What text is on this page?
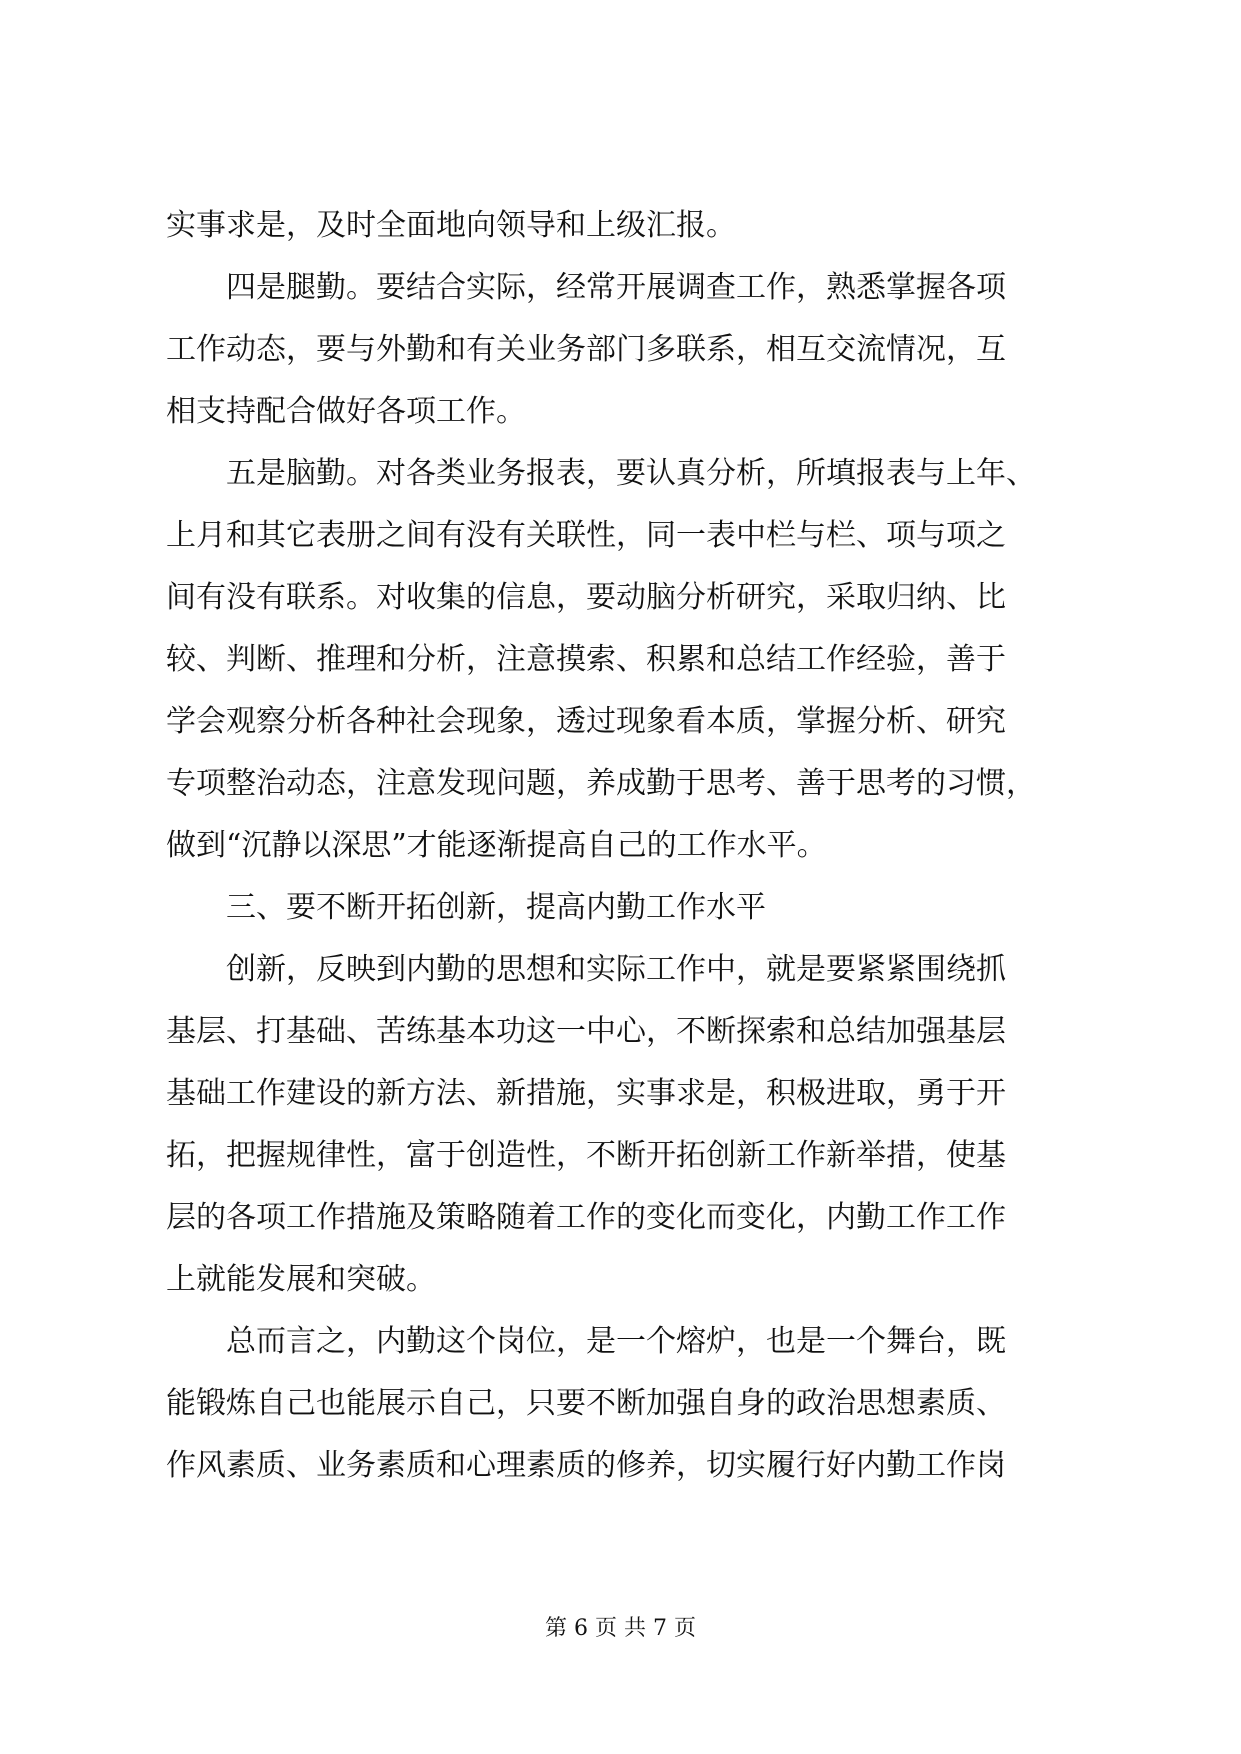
实事求是，及时全面地向领导和上级汇报。
　　四是腿勤。要结合实际，经常开展调查工作，熟悉掌握各项
工作动态，要与外勤和有关业务部门多联系，相互交流情况，互
相支持配合做好各项工作。
　　五是脑勤。对各类业务报表，要认真分析，所填报表与上年、
上月和其它表册之间有没有关联性，同一表中栏与栏、项与项之
间有没有联系。对收集的信息，要动脑分析研究，采取归纳、比
较、判断、推理和分析，注意摸索、积累和总结工作经验，善于
学会观察分析各种社会现象，透过现象看本质，掌握分析、研究
专项整治动态，注意发现问题，养成勤于思考、善于思考的习惯，
做到“沉静以深思”才能逐渐提高自己的工作水平。
　　三、要不断开拓创新，提高内勤工作水平
　　创新，反映到内勤的思想和实际工作中，就是要紧紧围绕抓
基层、打基础、苦练基本功这一中心，不断探索和总结加强基层
基础工作建设的新方法、新措施，实事求是，积极进取，勇于开
拓，把握规律性，富于创造性，不断开拓创新工作新举措，使基
层的各项工作措施及策略随着工作的变化而变化，内勤工作工作
上就能发展和突破。
　　总而言之，内勤这个岗位，是一个熔炉，也是一个舞台，既
能锻炼自己也能展示自己，只要不断加强自身的政治思想素质、
作风素质、业务素质和心理素质的修养，切实履行好内勤工作岗
第 6 页 共 7 页
